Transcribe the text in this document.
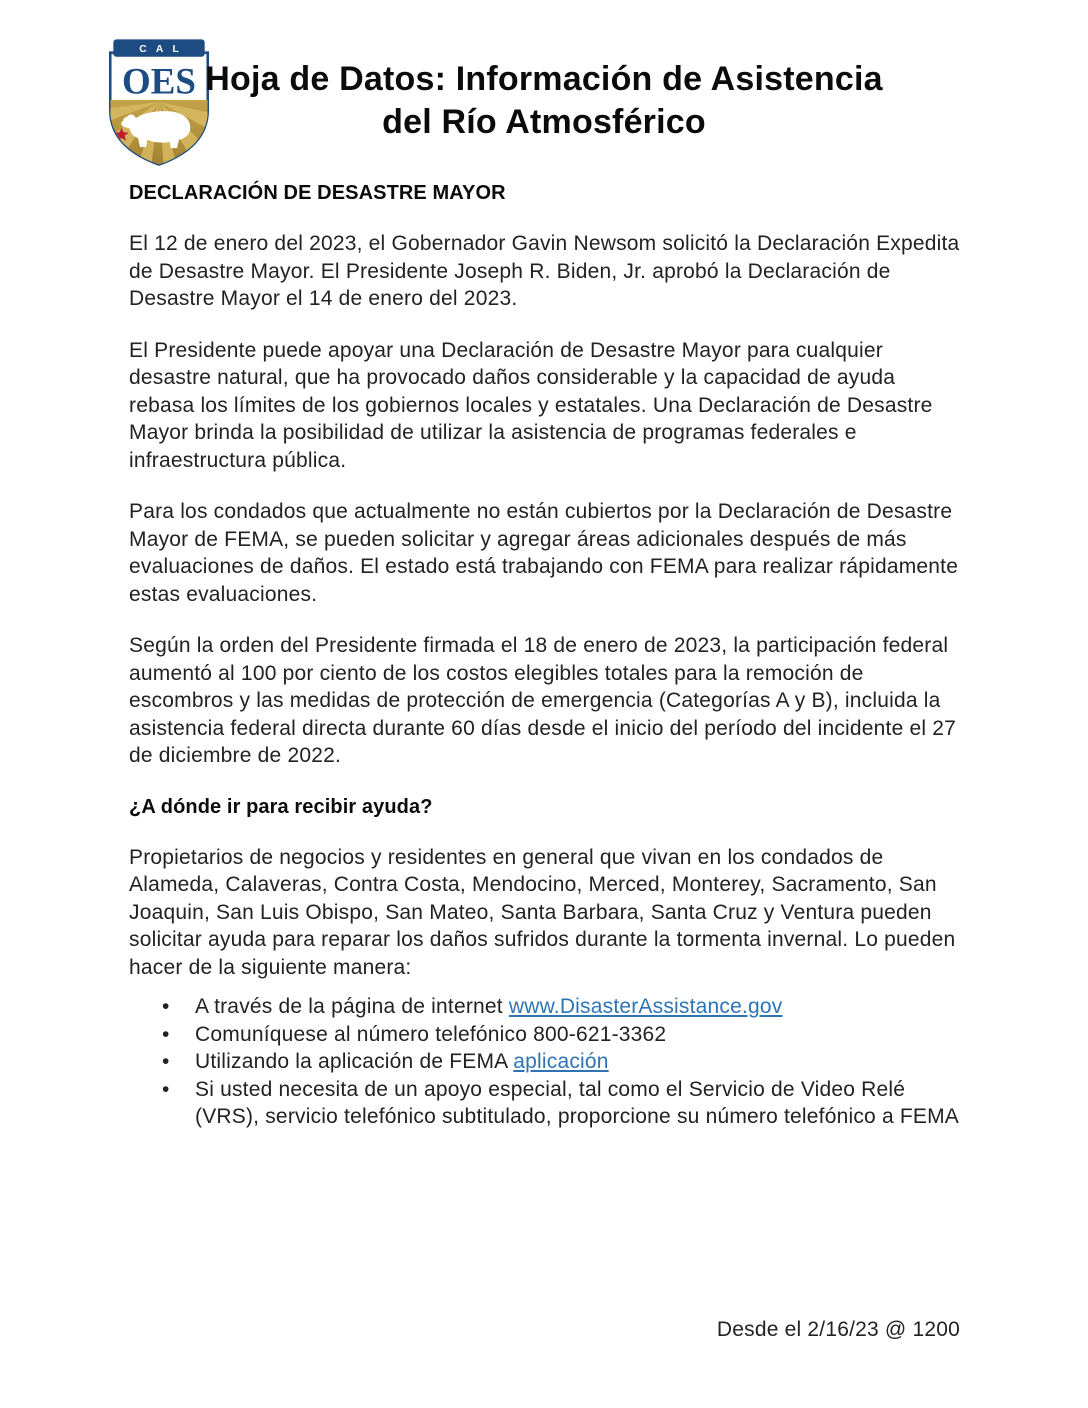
OES
CAL
Hoja de Datos: Información de Asistencia
del Río Atmosférico
DECLARACIÓN DE DESASTRE MAYOR

El 12 de enero del 2023, el Gobernador Gavin Newsom solicitó la Declaración Expedita de Desastre Mayor. El Presidente Joseph R. Biden, Jr. aprobó la Declaración de Desastre Mayor el 14 de enero del 2023.

El Presidente puede apoyar una Declaración de Desastre Mayor para cualquier desastre natural, que ha provocado daños considerable y la capacidad de ayuda rebasa los límites de los gobiernos locales y estatales. Una Declaración de Desastre Mayor brinda la posibilidad de utilizar la asistencia de programas federales e infraestructura pública.

Para los condados que actualmente no están cubiertos por la Declaración de Desastre Mayor de FEMA, se pueden solicitar y agregar áreas adicionales después de más evaluaciones de daños. El estado está trabajando con FEMA para realizar rápidamente estas evaluaciones.

Según la orden del Presidente firmada el 18 de enero de 2023, la participación federal aumentó al 100 por ciento de los costos elegibles totales para la remoción de escombros y las medidas de protección de emergencia (Categorías A y B), incluida la asistencia federal directa durante 60 días desde el inicio del período del incidente el 27 de diciembre de 2022.

¿A dónde ir para recibir ayuda?

Propietarios de negocios y residentes en general que vivan en los condados de Alameda, Calaveras, Contra Costa, Mendocino, Merced, Monterey, Sacramento, San Joaquin, San Luis Obispo, San Mateo, Santa Barbara, Santa Cruz y Ventura pueden solicitar ayuda para reparar los daños sufridos durante la tormenta invernal. Lo pueden hacer de la siguiente manera:

• A través de la página de internet www.DisasterAssistance.gov
• Comuníquese al número telefónico 800-621-3362
• Utilizando la aplicación de FEMA aplicación
• Si usted necesita de un apoyo especial, tal como el Servicio de Video Relé (VRS), servicio telefónico subtitulado, proporcione su número telefónico a FEMA
Desde el 2/16/23 @ 1200
